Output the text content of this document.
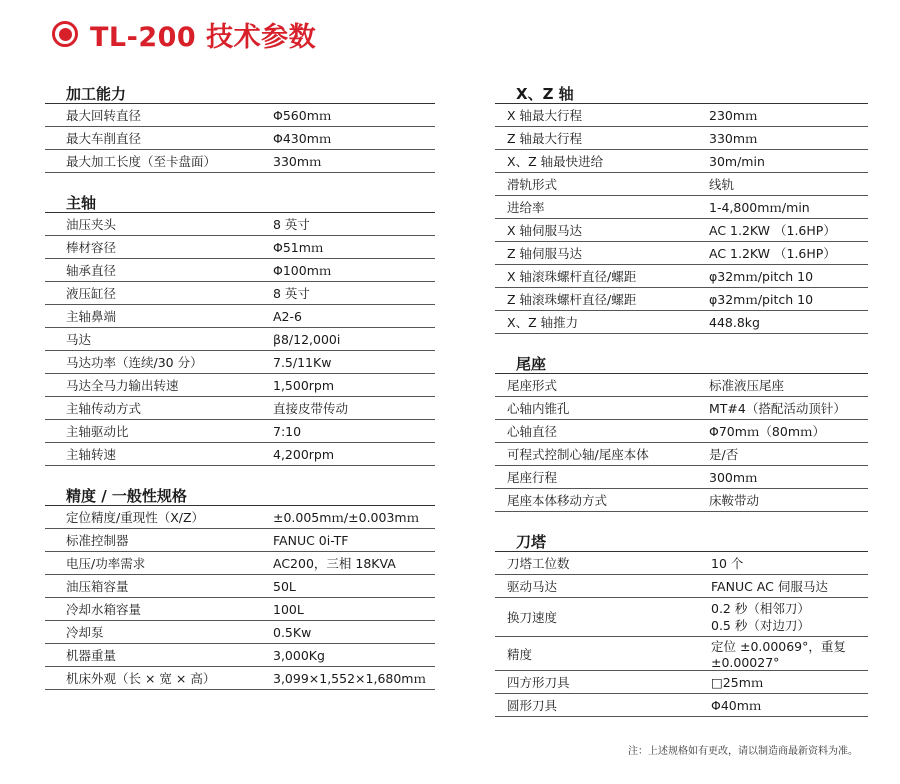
TL-200 技术参数
加工能力
最大回转直径	Φ560mｍ
最大车削直径	Φ430mｍ
最大加工长度（至卡盘面）	330mｍ
主轴
油压夹头	8 英寸
棒材容径	Φ51mｍ
轴承直径	Φ100mｍ
液压缸径	8 英寸
主轴鼻端	A2-6
马达	β8/12,000i
马达功率（连续/30 分）	7.5/11Kw
马达全马力输出转速	1,500rpm
主轴传动方式	直接皮带传动
主轴驱动比	7:10
主轴转速	4,200rpm
精度 / 一般性规格
定位精度/重现性（X/Z）	±0.005mｍ/±0.003mｍ
标准控制器	FANUC 0i-TF
电压/功率需求	AC200，三相 18KVA
油压箱容量	50L
冷却水箱容量	100L
冷却泵	0.5Kw
机器重量	3,000Kg
机床外观（长 × 宽 × 高）	3,099×1,552×1,680mｍ
X、Z 轴
X 轴最大行程	230mｍ
Z 轴最大行程	330mｍ
X、Z 轴最快进给	30m/min
滑轨形式	线轨
进给率	1-4,800mｍ/min
X 轴伺服马达	AC 1.2KW （1.6HP）
Z 轴伺服马达	AC 1.2KW （1.6HP）
X 轴滚珠螺杆直径/螺距	φ32mｍ/pitch 10
Z 轴滚珠螺杆直径/螺距	φ32mｍ/pitch 10
X、Z 轴推力	448.8kg
尾座
尾座形式	标准液压尾座
心轴内锥孔	MT#4（搭配活动顶针）
心轴直径	Φ70mｍ（80mｍ）
可程式控制心轴/尾座本体	是/否
尾座行程	300mｍ
尾座本体移动方式	床鞍带动
刀塔
刀塔工位数	10 个
驱动马达	FANUC AC 伺服马达
换刀速度	0.2 秒（相邻刀）
0.5 秒（对边刀）

精度	定位 ±0.00069°，重复 ±0.00027°
四方形刀具	□25mｍ
圆形刀具	Φ40mｍ
注：上述规格如有更改，请以制造商最新资料为准。
